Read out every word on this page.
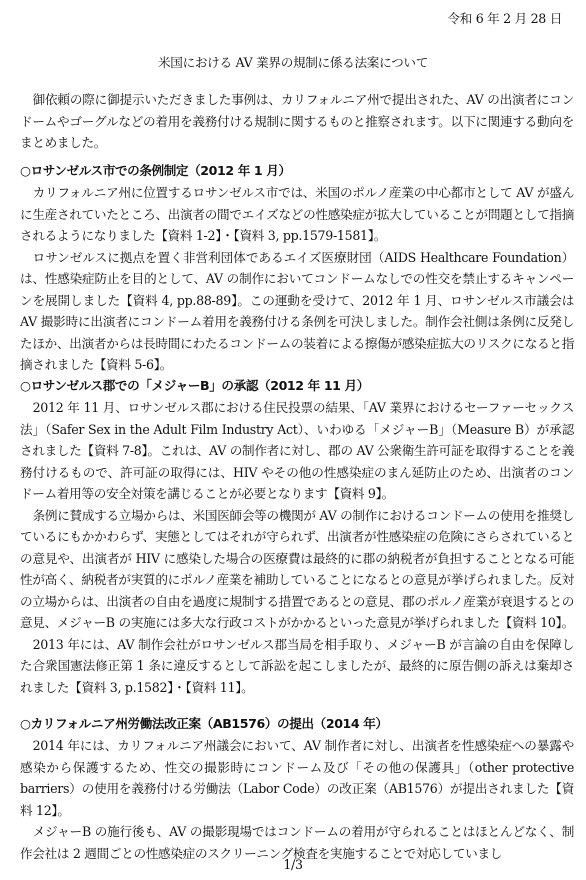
令和 6 年 2 月 28 日
米国における AV 業界の規制に係る法案について
御依頼の際に御提示いただきました事例は、カリフォルニア州で提出された、AV の出演者にコンドームやゴーグルなどの着用を義務付ける規制に関するものと推察されます。以下に関連する動向をまとめました。
○ロサンゼルス市での条例制定（2012 年 1 月）

カリフォルニア州に位置するロサンゼルス市では、米国のポルノ産業の中心都市として AV が盛んに生産されていたところ、出演者の間でエイズなどの性感染症が拡大していることが問題として指摘されるようになりました【資料 1-2】・【資料 3, pp.1579-1581】。

ロサンゼルスに拠点を置く非営利団体であるエイズ医療財団（AIDS Healthcare Foundation）は、性感染症防止を目的として、AV の制作においてコンドームなしでの性交を禁止するキャンペーンを展開しました【資料 4, pp.88-89】。この運動を受けて、2012 年 1 月、ロサンゼルス市議会は AV 撮影時に出演者にコンドーム着用を義務付ける条例を可決しました。制作会社側は条例に反発したほか、出演者からは長時間にわたるコンドームの装着による擦傷が感染症拡大のリスクになると指摘されました【資料 5-6】。

○ロサンゼルス郡での「メジャーB」の承認（2012 年 11 月）

2012 年 11 月、ロサンゼルス郡における住民投票の結果、「AV 業界におけるセーファーセックス法」（Safer Sex in the Adult Film Industry Act）、いわゆる「メジャーB」（Measure B）が承認されました【資料 7-8】。これは、AV の制作者に対し、郡の AV 公衆衛生許可証を取得することを義務付けるもので、許可証の取得には、HIV やその他の性感染症のまん延防止のため、出演者のコンドーム着用等の安全対策を講じることが必要となります【資料 9】。

条例に賛成する立場からは、米国医師会等の機関が AV の制作におけるコンドームの使用を推奨しているにもかかわらず、実態としてはそれが守られず、出演者が性感染症の危険にさらされているとの意見や、出演者が HIV に感染した場合の医療費は最終的に郡の納税者が負担することとなる可能性が高く、納税者が実質的にポルノ産業を補助していることになるとの意見が挙げられました。反対の立場からは、出演者の自由を過度に規制する措置であるとの意見、郡のポルノ産業が衰退するとの意見、メジャーB の実施には多大な行政コストがかかるといった意見が挙げられました【資料 10】。

2013 年には、AV 制作会社がロサンゼルス郡当局を相手取り、メジャーB が言論の自由を保障した合衆国憲法修正第 1 条に違反するとして訴訟を起こしましたが、最終的に原告側の訴えは棄却されました【資料 3, p.1582】・【資料 11】。

○カリフォルニア州労働法改正案（AB1576）の提出（2014 年）

2014 年には、カリフォルニア州議会において、AV 制作者に対し、出演者を性感染症への暴露や感染から保護するため、性交の撮影時にコンドーム及び「その他の保護具」（other protective barriers）の使用を義務付ける労働法（Labor Code）の改正案（AB1576）が提出されました【資料 12】。

メジャーB の施行後も、AV の撮影現場ではコンドームの着用が守られることはほとんどなく、制作会社は 2 週間ごとの性感染症のスクリーニング検査を実施することで対応していまし

1/3
